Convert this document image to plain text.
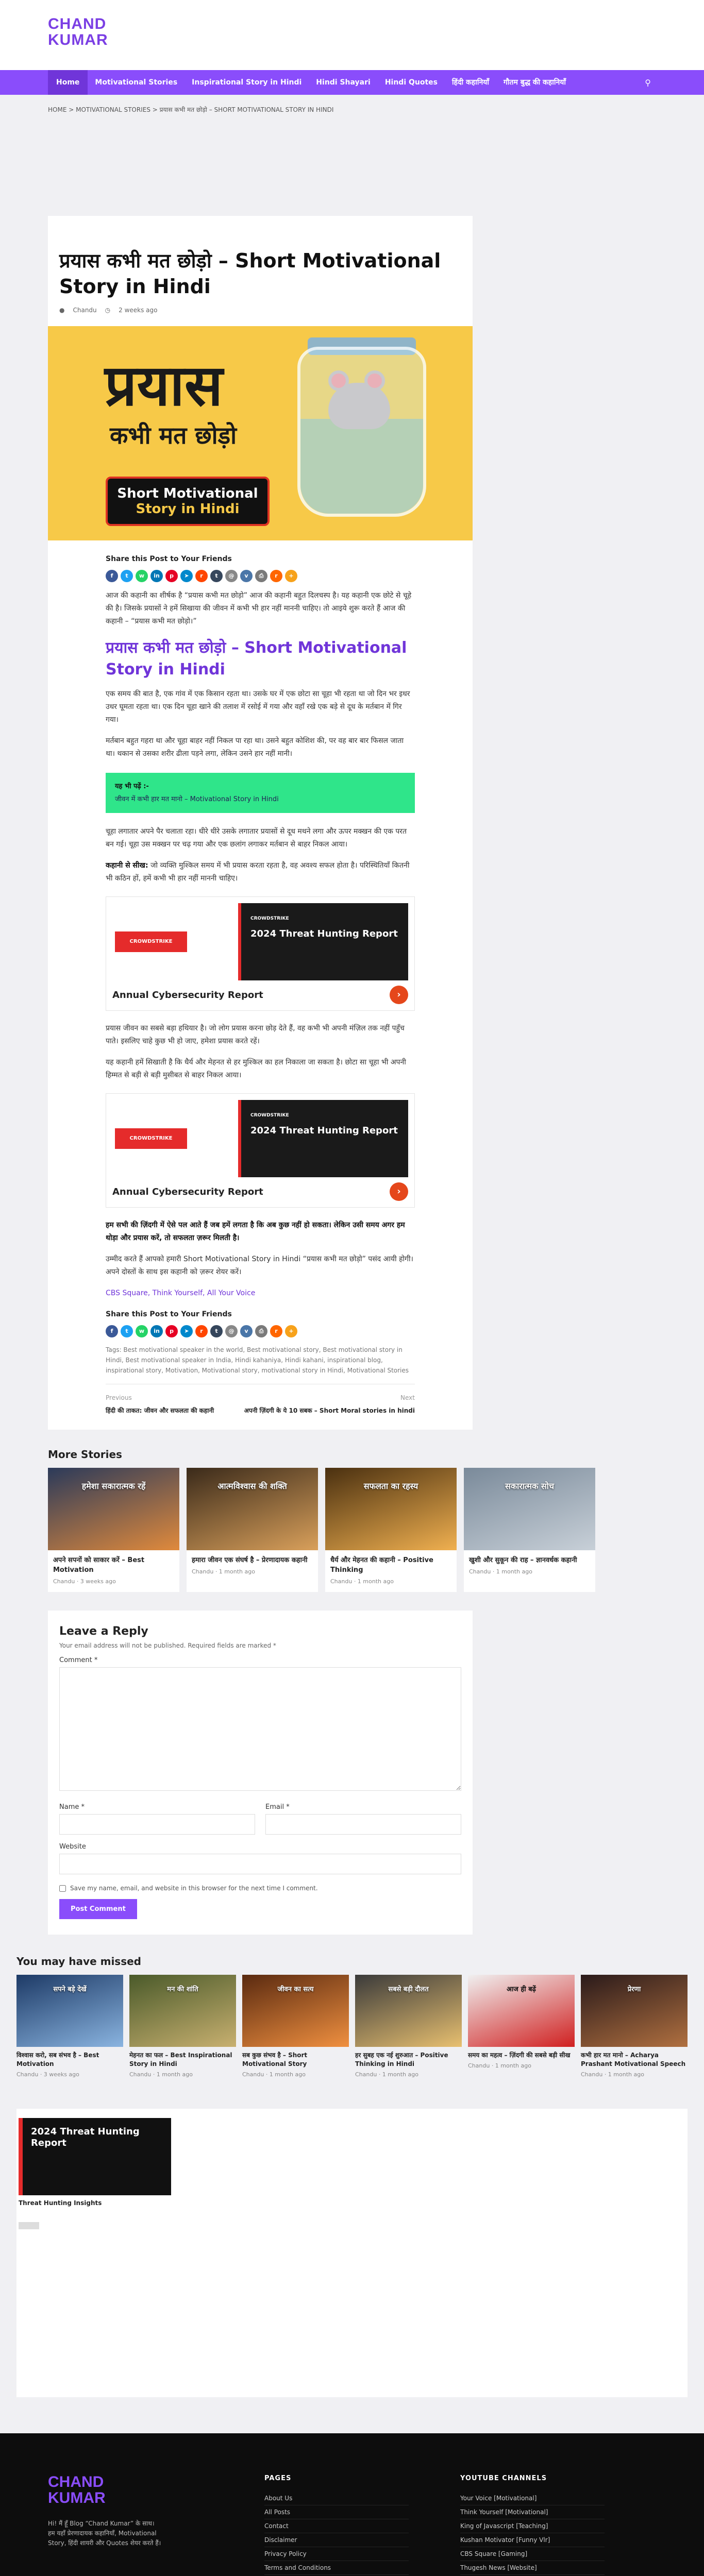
CHAND
KUMAR
Home	Motivational Stories	Inspirational Story in Hindi	Hindi Shayari	Hindi Quotes	हिंदी कहानियाँ	गौतम बुद्ध की कहानियाँ	⚲
HOME > MOTIVATIONAL STORIES > प्रयास कभी मत छोड़ो – SHORT MOTIVATIONAL STORY IN HINDI
प्रयास कभी मत छोड़ो – Short Motivational Story in Hindi
● Chandu ◷ 2 weeks ago
प्रयास
कभी मत छोड़ो
Short Motivational
Story in Hindi
Share this Post to Your Friends
f	t	w	in	p	➤	r	t	@	v	⎙	r	+
आज की कहानी का शीर्षक है “प्रयास कभी मत छोड़ो” आज की कहानी बहुत दिलचस्प है। यह कहानी एक छोटे से चूहे की है। जिसके प्रयासों ने हमें सिखाया की जीवन में कभी भी हार नहीं माननी चाहिए। तो आइये शुरू करते हैं आज की कहानी – “प्रयास कभी मत छोड़ो।”
प्रयास कभी मत छोड़ो – Short Motivational Story in Hindi
एक समय की बात है, एक गांव में एक किसान रहता था। उसके घर में एक छोटा सा चूहा भी रहता था जो दिन भर इधर उधर घूमता रहता था। एक दिन चूहा खाने की तलाश में रसोई में गया और वहाँ रखे एक बड़े से दूध के मर्तबान में गिर गया।
मर्तबान बहुत गहरा था और चूहा बाहर नहीं निकल पा रहा था। उसने बहुत कोशिश की, पर वह बार बार फिसल जाता था। थकान से उसका शरीर ढीला पड़ने लगा, लेकिन उसने हार नहीं मानी।
यह भी पढ़ें :-
जीवन में कभी हार मत मानो – Motivational Story in Hindi
चूहा लगातार अपने पैर चलाता रहा। धीरे धीरे उसके लगातार प्रयासों से दूध मथने लगा और ऊपर मक्खन की एक परत बन गई। चूहा उस मक्खन पर चढ़ गया और एक छलांग लगाकर मर्तबान से बाहर निकल आया।
कहानी से सीख: जो व्यक्ति मुश्किल समय में भी प्रयास करता रहता है, वह अवश्य सफल होता है। परिस्थितियाँ कितनी भी कठिन हों, हमें कभी भी हार नहीं माननी चाहिए।
CROWDSTRIKE
CROWDSTRIKE
2024 Threat Hunting Report
Annual Cybersecurity Report	›
प्रयास जीवन का सबसे बड़ा हथियार है। जो लोग प्रयास करना छोड़ देते हैं, वह कभी भी अपनी मंज़िल तक नहीं पहुँच पाते। इसलिए चाहे कुछ भी हो जाए, हमेशा प्रयास करते रहें।
यह कहानी हमें सिखाती है कि धैर्य और मेहनत से हर मुश्किल का हल निकाला जा सकता है। छोटा सा चूहा भी अपनी हिम्मत से बड़ी से बड़ी मुसीबत से बाहर निकल आया।
CROWDSTRIKE
CROWDSTRIKE
2024 Threat Hunting Report
Annual Cybersecurity Report	›
हम सभी की ज़िंदगी में ऐसे पल आते हैं जब हमें लगता है कि अब कुछ नहीं हो सकता। लेकिन उसी समय अगर हम थोड़ा और प्रयास करें, तो सफलता ज़रूर मिलती है।
उम्मीद करते हैं आपको हमारी Short Motivational Story in Hindi “प्रयास कभी मत छोड़ो” पसंद आयी होगी। अपने दोस्तों के साथ इस कहानी को ज़रूर शेयर करें।
CBS Square, Think Yourself, All Your Voice
Share this Post to Your Friends
f	t	w	in	p	➤	r	t	@	v	⎙	r	+
Tags: Best motivational speaker in the world, Best motivational story, Best motivational story in Hindi, Best motivational speaker in India, Hindi kahaniya, Hindi kahani, inspirational blog, inspirational story, Motivation, Motivational story, motivational story in Hindi, Motivational Stories
Previous
हिंदी की ताकत: जीवन और सफलता की कहानी
Next
अपनी ज़िंदगी के ये 10 सबक – Short Moral stories in hindi
More Stories
हमेशा सकारात्मक रहें
अपने सपनों को साकार करें – Best Motivation
Chandu · 3 weeks ago
आत्मविश्वास की शक्ति
हमारा जीवन एक संघर्ष है – प्रेरणादायक कहानी
Chandu · 1 month ago
सफलता का रहस्य
धैर्य और मेहनत की कहानी – Positive Thinking
Chandu · 1 month ago
सकारात्मक सोच
खुशी और सुकून की राह – ज्ञानवर्धक कहानी
Chandu · 1 month ago
Leave a Reply
Your email address will not be published. Required fields are marked *
Comment *
Name *	Email *
Website
Save my name, email, and website in this browser for the next time I comment.
Post Comment
You may have missed
सपने बड़े देखें
विश्वास करो, सब संभव है – Best Motivation
Chandu · 3 weeks ago
मन की शांति
मेहनत का फल – Best Inspirational Story in Hindi
Chandu · 1 month ago
जीवन का सत्य
सब कुछ संभव है – Short Motivational Story
Chandu · 1 month ago
सबसे बड़ी दौलत
हर सुबह एक नई शुरुआत – Positive Thinking in Hindi
Chandu · 1 month ago
आज ही बढ़ें
समय का महत्व – ज़िंदगी की सबसे बड़ी सीख
Chandu · 1 month ago
प्रेरणा
कभी हार मत मानो – Acharya Prashant Motivational Speech
Chandu · 1 month ago
2024 Threat Hunting Report
Threat Hunting Insights
CHAND
KUMAR
Hi! मैं हूँ Blog “Chand Kumar” के साथ। हम यहाँ प्रेरणादायक कहानियाँ, Motivational Story, हिंदी शायरी और Quotes शेयर करते हैं।
PAGES
About Us
All Posts
Contact
Disclaimer
Privacy Policy
Terms and Conditions
YOUTUBE CHANNELS
Your Voice [Motivational]
Think Yourself [Motivational]
King of Javascript [Teaching]
Kushan Motivator [Funny Vlr]
CBS Square [Gaming]
Thugesh News [Website]
